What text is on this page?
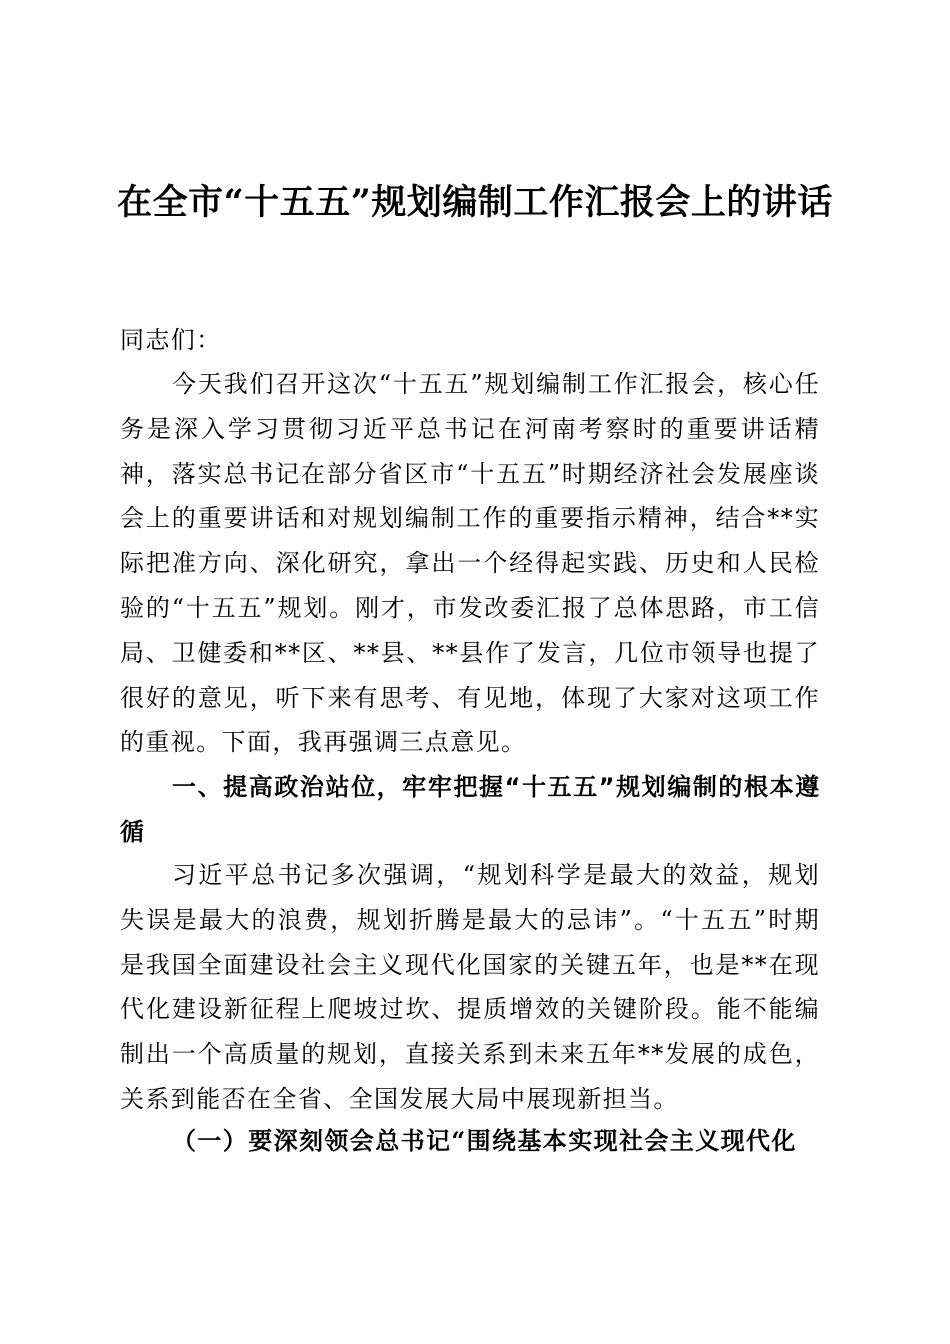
在全市“十五五”规划编制工作汇报会上的讲话

同志们：

今天我们召开这次“十五五”规划编制工作汇报会，核心任务是深入学习贯彻习近平总书记在河南考察时的重要讲话精神，落实总书记在部分省区市“十五五”时期经济社会发展座谈会上的重要讲话和对规划编制工作的重要指示精神，结合**实际把准方向、深化研究，拿出一个经得起实践、历史和人民检验的“十五五”规划。刚才，市发改委汇报了总体思路，市工信局、卫健委和**区、**县、**县作了发言，几位市领导也提了很好的意见，听下来有思考、有见地，体现了大家对这项工作的重视。下面，我再强调三点意见。

一、提高政治站位，牢牢把握“十五五”规划编制的根本遵循

习近平总书记多次强调，“规划科学是最大的效益，规划失误是最大的浪费，规划折腾是最大的忌讳”。“十五五”时期是我国全面建设社会主义现代化国家的关键五年，也是**在现代化建设新征程上爬坡过坎、提质增效的关键阶段。能不能编制出一个高质量的规划，直接关系到未来五年**发展的成色，关系到能否在全省、全国发展大局中展现新担当。

（一）要深刻领会总书记“围绕基本实现社会主义现代化
